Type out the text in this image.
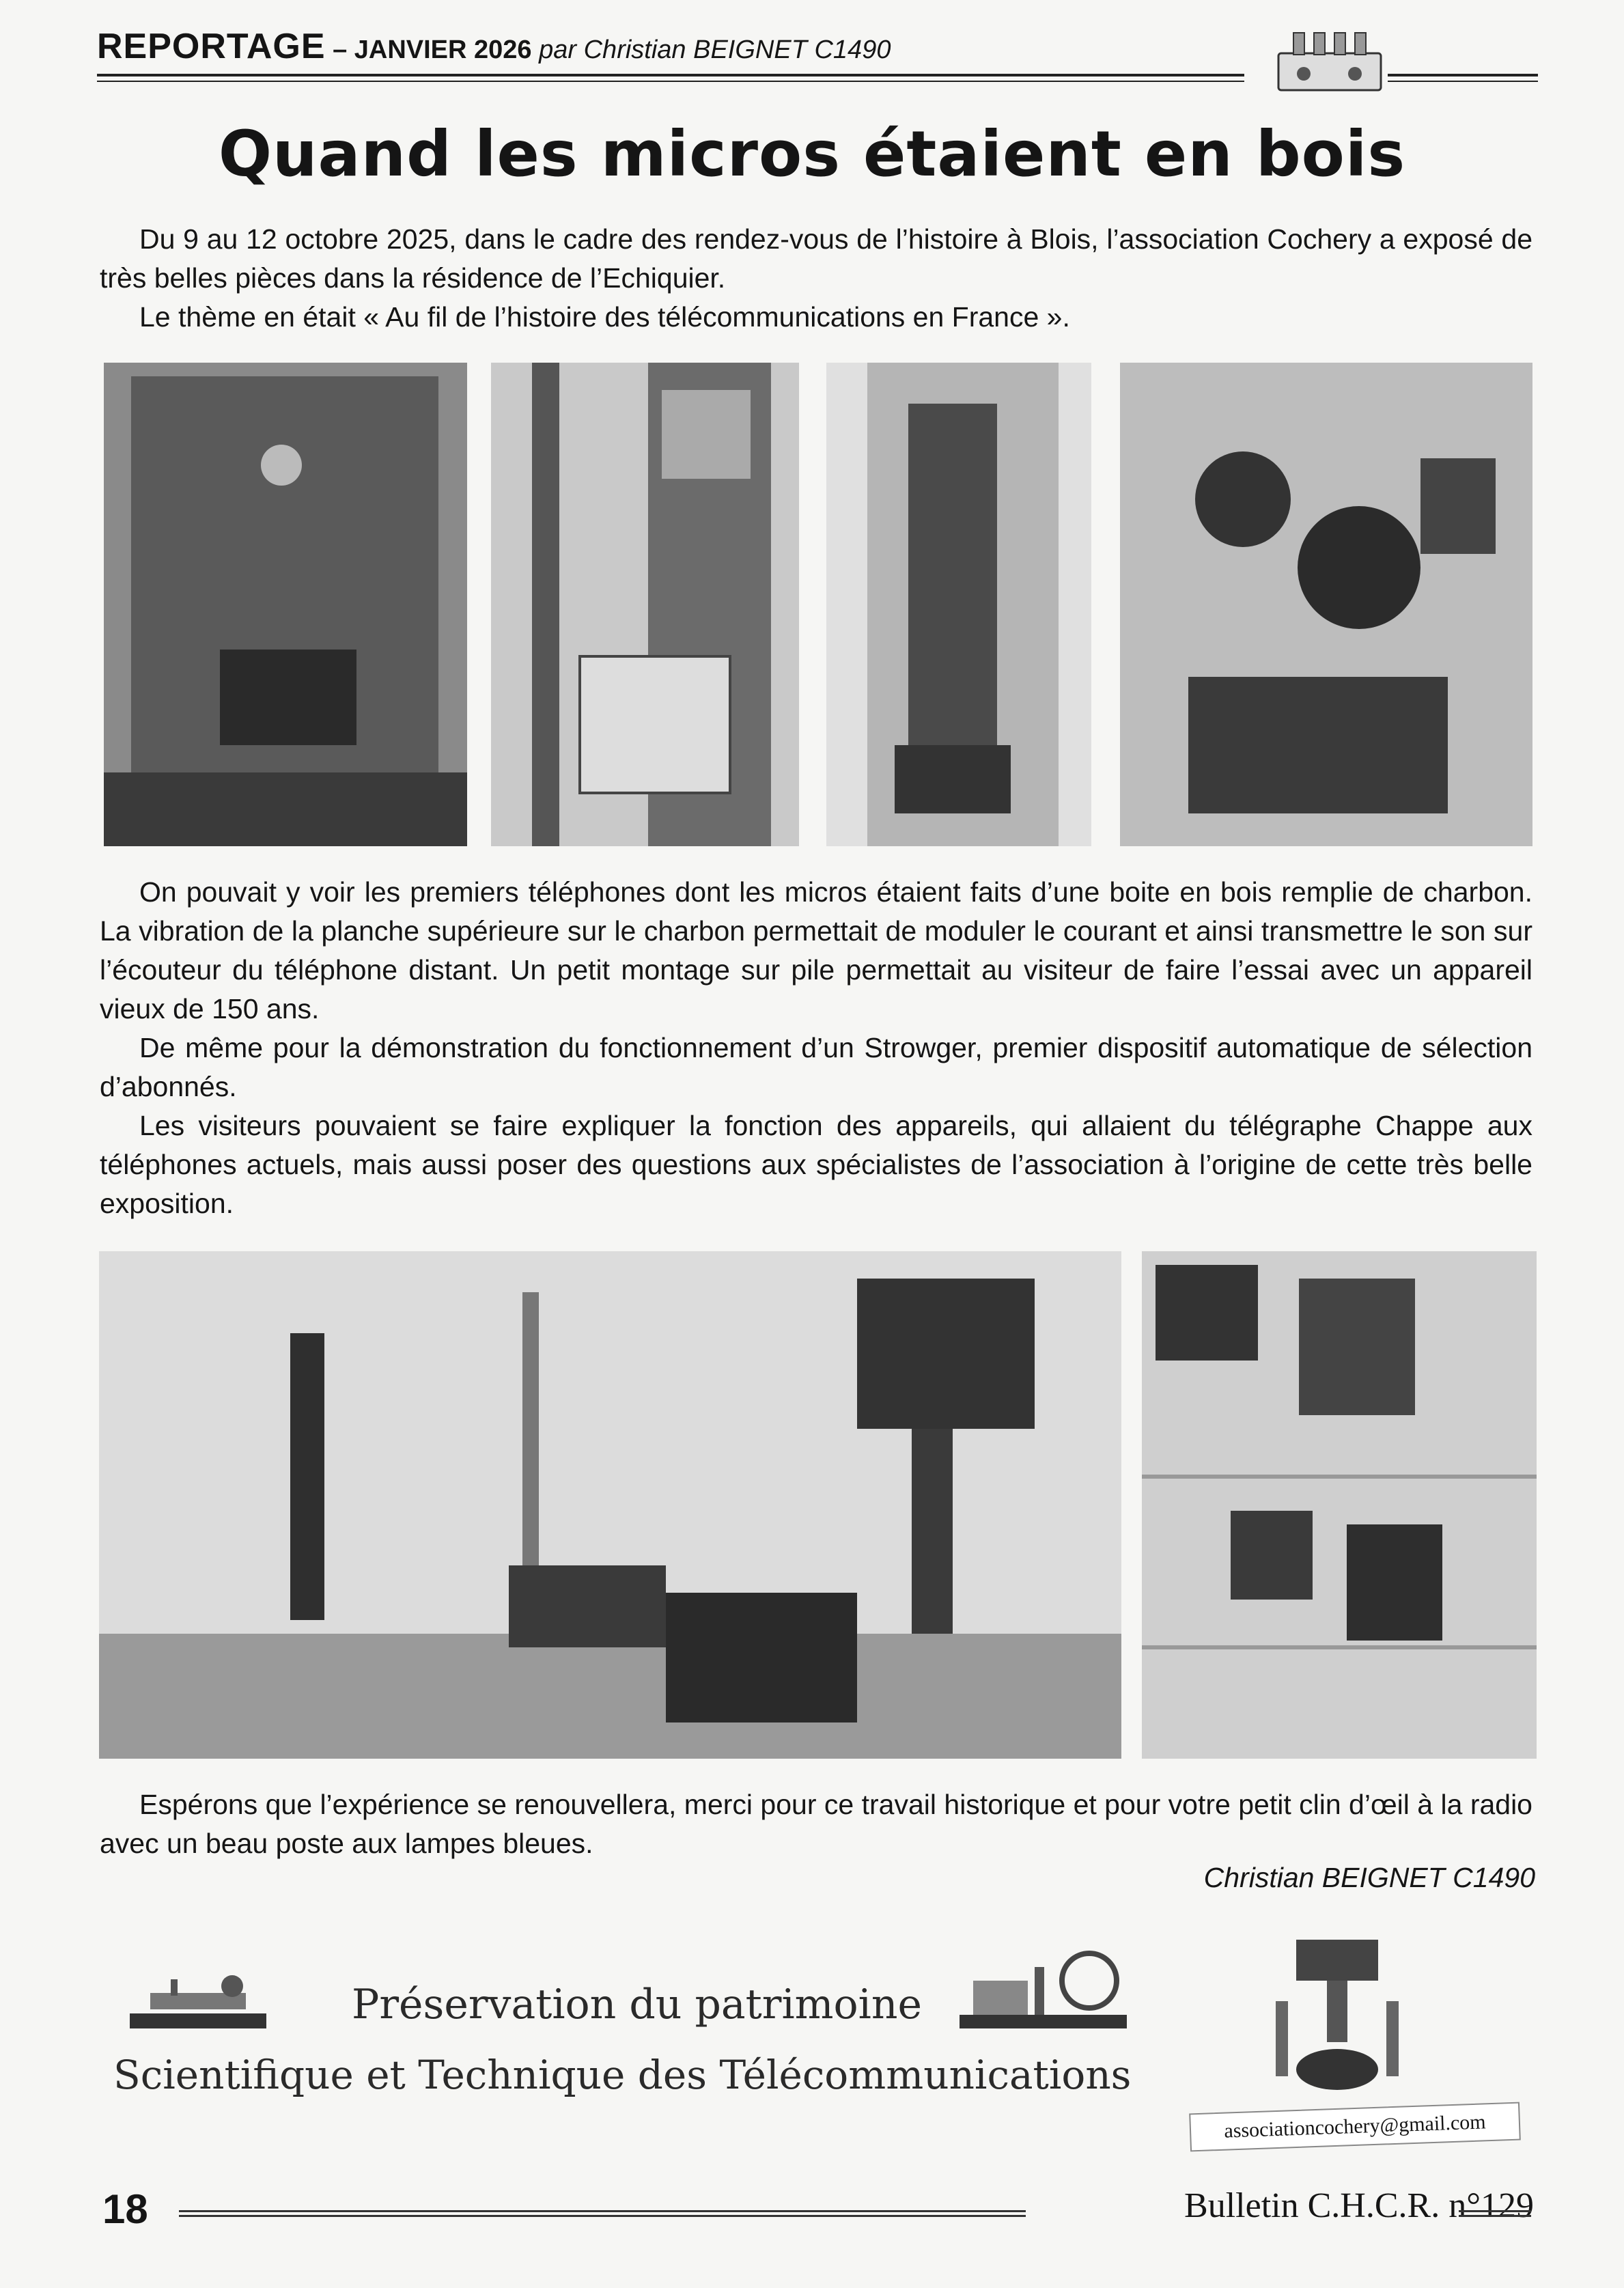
REPORTAGE – JANVIER 2026 par Christian BEIGNET C1490
Quand les micros étaient en bois

Du 9 au 12 octobre 2025, dans le cadre des rendez-vous de l’histoire à Blois, l’association Cochery a exposé de très belles pièces dans la résidence de l’Echiquier.

Le thème en était « Au fil de l’histoire des télécommunications en France ».

On pouvait y voir les premiers téléphones dont les micros étaient faits d’une boite en bois remplie de charbon. La vibration de la planche supérieure sur le charbon permettait de moduler le courant et ainsi transmettre le son sur l’écouteur du téléphone distant. Un petit montage sur pile permettait au visiteur de faire l’essai avec un appareil vieux de 150 ans.

De même pour la démonstration du fonctionnement d’un Strowger, premier dispositif automatique de sélection d’abonnés.

Les visiteurs pouvaient se faire expliquer la fonction des appareils, qui allaient du télégraphe Chappe aux téléphones actuels, mais aussi poser des questions aux spécialistes de l’association à l’origine de cette très belle exposition.

Espérons que l’expérience se renouvellera, merci pour ce travail historique et pour votre petit clin d’œil à la radio avec un beau poste aux lampes bleues.

Christian BEIGNET C1490
Préservation du patrimoine
Scientifique et Technique des Télécommunications
associationcochery@gmail.com
18	Bulletin C.H.C.R. n°129
